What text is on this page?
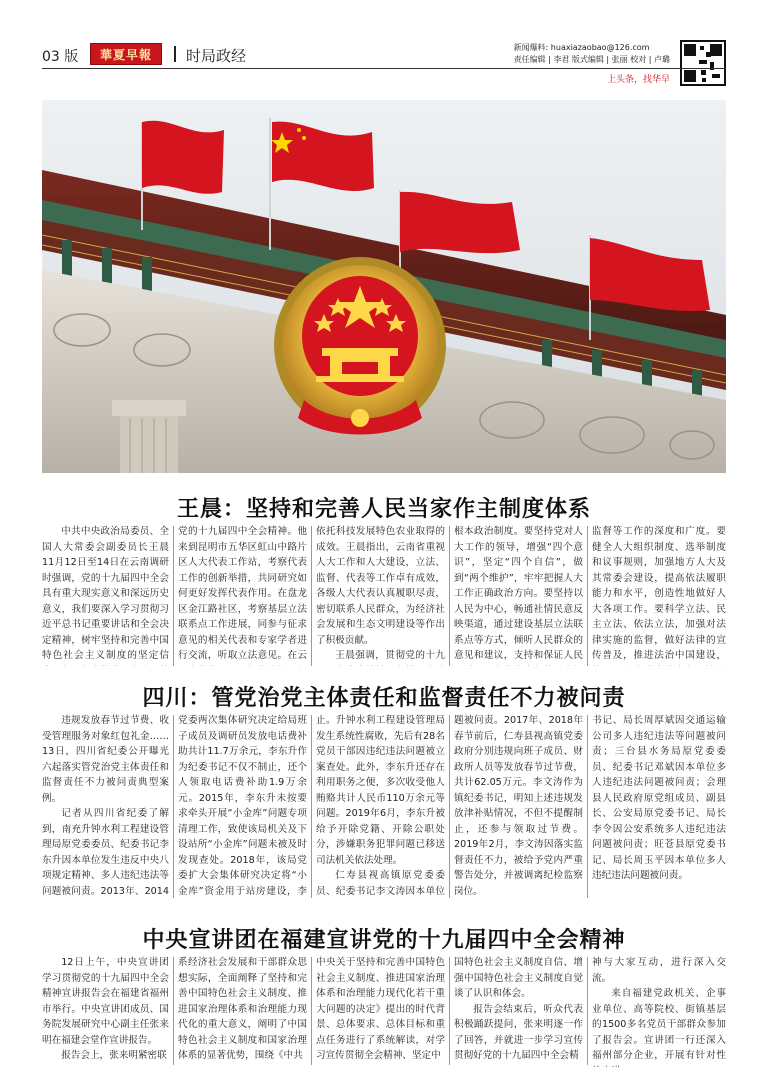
03 版	華夏早報	时局政经	新闻爆料: huaxiazaobao@126.com
责任编辑 | 李君 版式编辑 | 张丽 校对 | 卢璐
上头条，找华早
王晨：坚持和完善人民当家作主制度体系

中共中央政治局委员、全国人大常委会副委员长王晨11月12日至14日在云南调研时强调，党的十九届四中全会具有重大现实意义和深远历史意义，我们要深入学习贯彻习近平总书记重要讲话和全会决定精神，树牢坚持和完善中国特色社会主义制度的坚定信

党的十九届四中全会精神。他来到昆明市五华区虹山中路片区人大代表工作站，考察代表工作的创新举措，共同研究如何更好发挥代表作用。在盘龙区金江路社区，考察基层立法联系点工作进展，同参与征求意见的相关代表和专家学者进行交流，听取立法意见。在云

依托科技发展特色农业取得的成效。王晨指出，云南省重视人大工作和人大建设，立法、监督、代表等工作卓有成效，各级人大代表认真履职尽责，密切联系人民群众，为经济社会发展和生态文明建设等作出了积极贡献。

王晨强调，贯彻党的十九

根本政治制度。要坚持党对人大工作的领导，增强“四个意识”，坚定“四个自信”，做到“两个维护”，牢牢把握人大工作正确政治方向。要坚持以人民为中心，畅通社情民意反映渠道，通过建设基层立法联系点等方式，倾听人民群众的意见和建议，支持和保证人民

监督等工作的深度和广度。要健全人大组织制度、选举制度和议事规则，加强地方人大及其常委会建设，提高依法履职能力和水平，创造性地做好人大各项工作。要科学立法、民主立法、依法立法，加强对法律实施的监督，做好法律的宣传普及，推进法治中国建设，

四川：管党治党主体责任和监督责任不力被问责

违规发放春节过节费、收受管理服务对象红包礼金……13日，四川省纪委公开曝光六起落实管党治党主体责任和监督责任不力被问责典型案例。

记者从四川省纪委了解到，南充升钟水利工程建设管理局原党委委员、纪委书记李东升因本单位发生违反中央八项规定精神、多人违纪违法等问题被问责。2013年、2014

党委两次集体研究决定给局班子成员及调研员发放电话费补助共计11.7万余元，李东升作为纪委书记不仅不制止，还个人领取电话费补助1.9万余元。2015年，李东升未按要求牵头开展“小金库”问题专项清理工作，致使该局机关及下设站所“小金库”问题未被及时发现查处。2018年，该局党委扩大会集体研究决定将“小金库”资金用于站房建设，李

止。升钟水利工程建设管理局发生系统性腐败，先后有28名党员干部因违纪违法问题被立案查处。此外，李东升还存在利用职务之便，多次收受他人贿赂共计人民币110万余元等问题。2019年6月，李东升被给予开除党籍、开除公职处分，涉嫌职务犯罪问题已移送司法机关依法处理。

仁寿县视高镇原党委委员、纪委书记李文涛因本单位

题被问责。2017年、2018年春节前后，仁寿县视高镇党委政府分别违规向班子成员、财政所人员等发放春节过节费，共计62.05万元。李文涛作为镇纪委书记，明知上述违规发放津补贴情况，不但不提醒制止，还参与领取过节费。2019年2月，李文涛因落实监督责任不力，被给予党内严重警告处分，并被调离纪检监察岗位。

书记、局长周厚斌因交通运输公司多人违纪违法等问题被问责；三台县水务局原党委委员、纪委书记邓斌因本单位多人违纪违法问题被问责；会理县人民政府原党组成员、副县长、公安局原党委书记、局长李令因公安系统多人违纪违法问题被问责；旺苍县原党委书记、局长周玉平因本单位多人违纪违法问题被问责。

中央宣讲团在福建宣讲党的十九届四中全会精神

12日上午，中央宣讲团学习贯彻党的十九届四中全会精神宣讲报告会在福建省福州市举行。中央宣讲团成员、国务院发展研究中心副主任张来明在福建会堂作宣讲报告。

报告会上，张来明紧密联

系经济社会发展和干部群众思想实际，全面阐释了坚持和完善中国特色社会主义制度、推进国家治理体系和治理能力现代化的重大意义，阐明了中国特色社会主义制度和国家治理体系的显著优势，围绕《中共

中央关于坚持和完善中国特色社会主义制度、推进国家治理体系和治理能力现代化若干重大问题的决定》提出的时代背景、总体要求、总体目标和重点任务进行了系统解读，对学习宣传贯彻全会精神、坚定中

国特色社会主义制度自信、增强中国特色社会主义制度自觉谈了认识和体会。

报告会结束后，听众代表积极踊跃提问，张来明逐一作了回答，并就进一步学习宣传贯彻好党的十九届四中全会精

神与大家互动，进行深入交流。

来自福建党政机关、企事业单位、高等院校、街镇基层的1500多名党员干部群众参加了报告会。宣讲团一行还深入福州部分企业，开展有针对性
